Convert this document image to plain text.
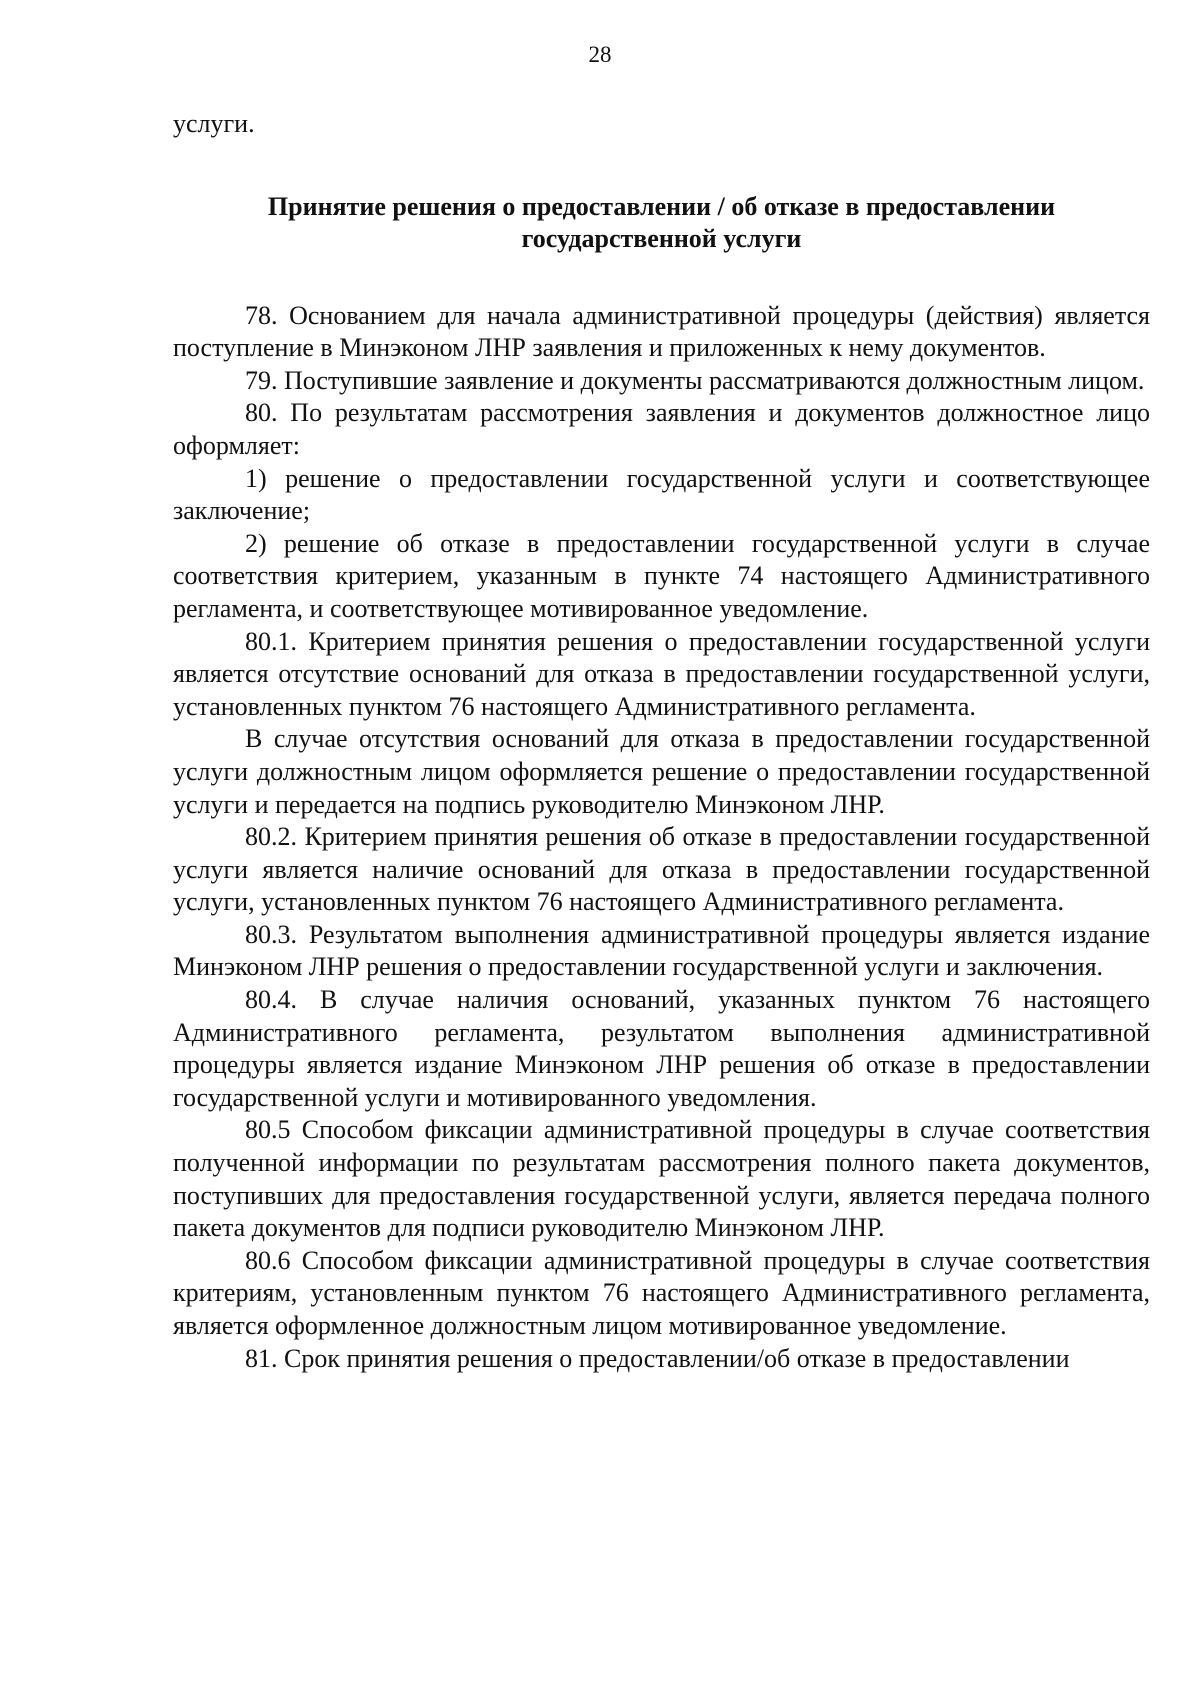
28

услуги.

Принятие решения о предоставлении / об отказе в предоставлении государственной услуги

78. Основанием для начала административной процедуры (действия) является поступление в Минэконом ЛНР заявления и приложенных к нему документов.

79. Поступившие заявление и документы рассматриваются должностным лицом.

80. По результатам рассмотрения заявления и документов должностное лицо оформляет:

1) решение о предоставлении государственной услуги и соответствующее заключение;

2) решение об отказе в предоставлении государственной услуги в случае соответствия критерием, указанным в пункте 74 настоящего Административного регламента, и соответствующее мотивированное уведомление.

80.1. Критерием принятия решения о предоставлении государственной услуги является отсутствие оснований для отказа в предоставлении государственной услуги, установленных пунктом 76 настоящего Административного регламента.

В случае отсутствия оснований для отказа в предоставлении государственной услуги должностным лицом оформляется решение о предоставлении государственной услуги и передается на подпись руководителю Минэконом ЛНР.

80.2. Критерием принятия решения об отказе в предоставлении государственной услуги является наличие оснований для отказа в предоставлении государственной услуги, установленных пунктом 76 настоящего Административного регламента.

80.3. Результатом выполнения административной процедуры является издание Минэконом ЛНР решения о предоставлении государственной услуги и заключения.

80.4. В случае наличия оснований, указанных пунктом 76 настоящего Административного регламента, результатом выполнения административной процедуры является издание Минэконом ЛНР решения об отказе в предоставлении государственной услуги и мотивированного уведомления.

80.5 Способом фиксации административной процедуры в случае соответствия полученной информации по результатам рассмотрения полного пакета документов, поступивших для предоставления государственной услуги, является передача полного пакета документов для подписи руководителю Минэконом ЛНР.

80.6 Способом фиксации административной процедуры в случае соответствия критериям, установленным пунктом 76 настоящего Административного регламента, является оформленное должностным лицом мотивированное уведомление.

81. Срок принятия решения о предоставлении/об отказе в предоставлении
